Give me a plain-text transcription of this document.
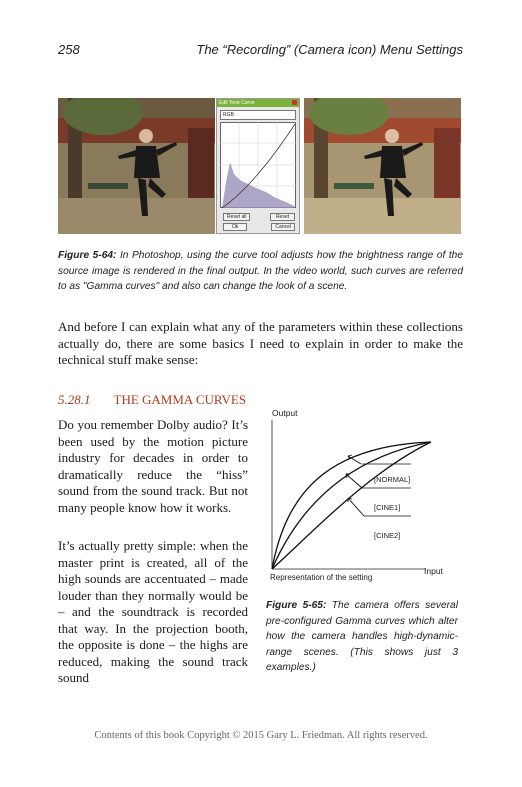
258	The “Recording” (Camera icon) Menu Settings
Edit Tone Curve
RGB
Reset all	Reset
Ok	Cancel
Figure 5-64: In Photoshop, using the curve tool adjusts how the brightness range of the source image is rendered in the final output. In the video world, such curves are referred to as "Gamma curves" and also can change the look of a scene.
And before I can explain what any of the parameters within these collections actually do, there are some basics I need to explain in order to make the technical stuff make sense:
5.28.1 THE GAMMA CURVES
Do you remember Dolby audio? It’s been used by the motion picture industry for decades in order to dramatically reduce the “hiss” sound from the sound track. But not many people know how it works.
It’s actually pretty simple: when the master print is created, all of the high sounds are accentuated – made louder than they normally would be – and the soundtrack is recorded that way. In the projection booth, the opposite is done – the highs are reduced, making the sound track sound
Output
Input
[NORMAL]
[CINE1]
[CINE2]
Representation of the setting
Figure 5-65: The camera offers several pre-configured Gamma curves which alter how the camera handles high-dynamic-range scenes. (This shows just 3 examples.)
Contents of this book Copyright © 2015 Gary L. Friedman. All rights reserved.
